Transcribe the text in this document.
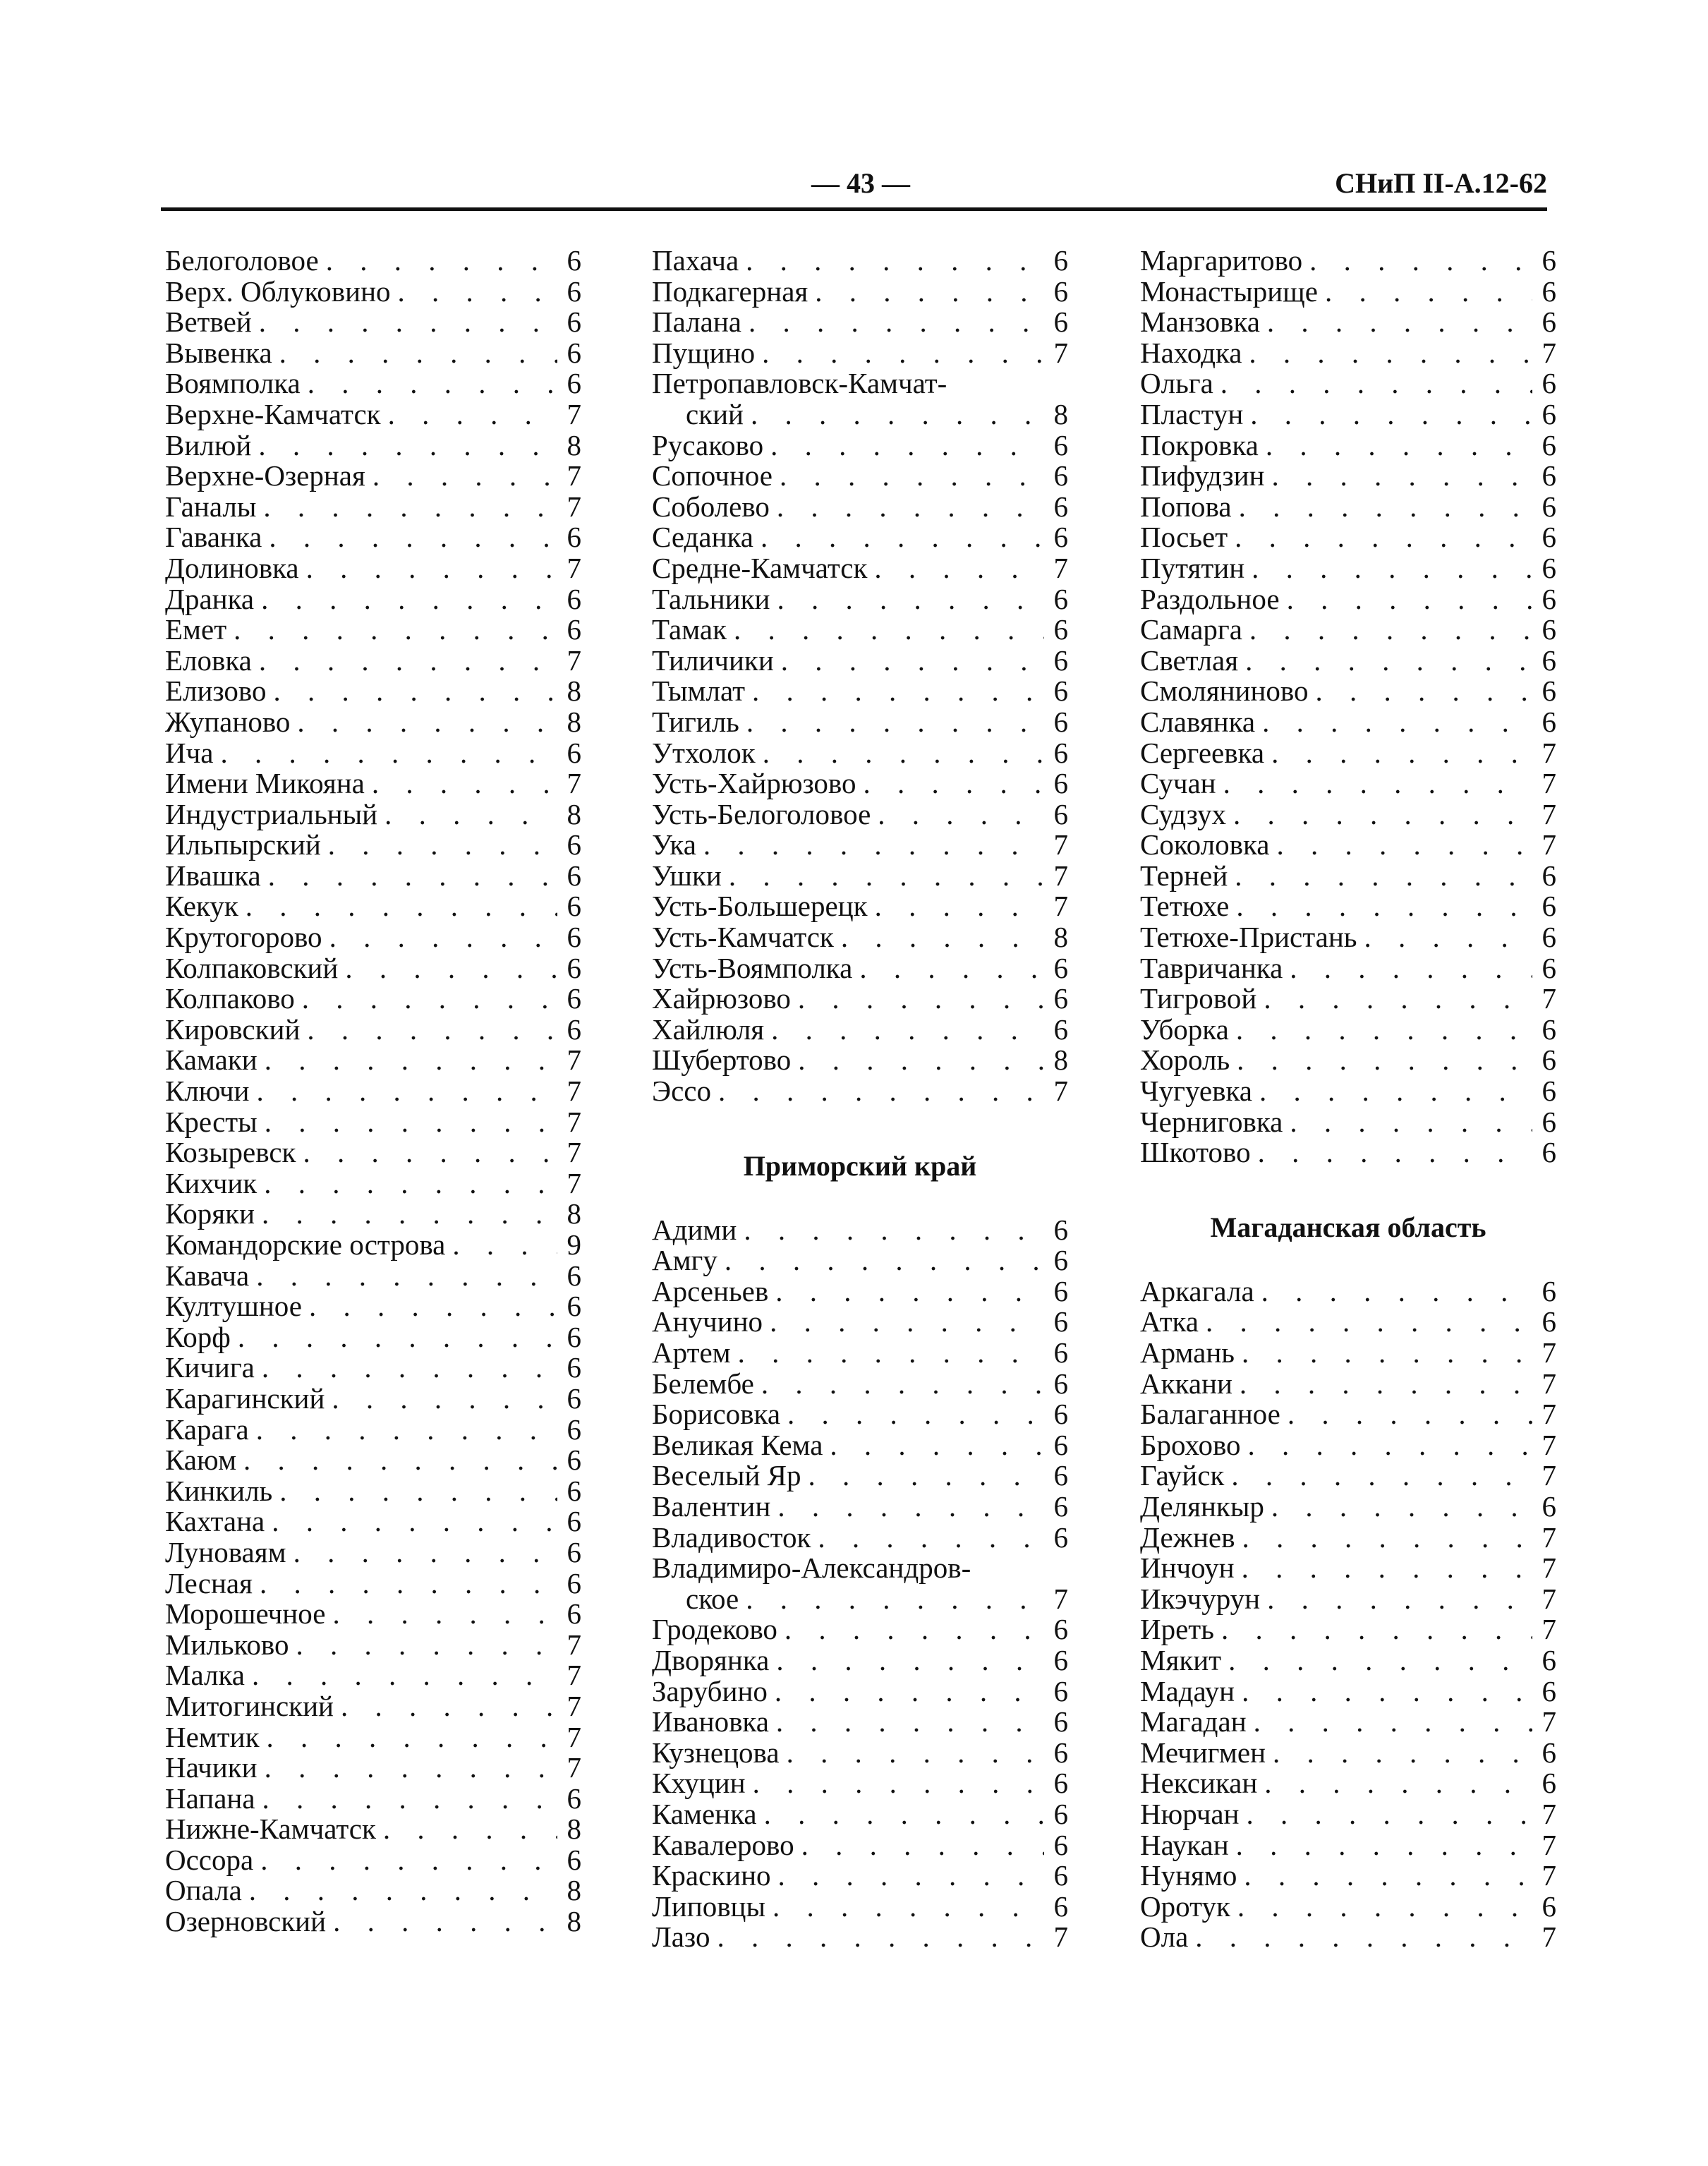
— 43 —	СНиП II-А.12-62
Белоголовое . . .	6
Верх. Облуковино . . .	6
Ветвей . . .	6
Вывенка . . .	6
Воямполка . . .	6
Верхне-Камчатск . . .	7
Вилюй . . .	8
Верхне-Озерная . . .	7
Ганалы . . .	7
Гаванка . . .	6
Долиновка . . .	7
Дранка . . .	6
Емет . . .	6
Еловка . . .	7
Елизово . . .	8
Жупаново . . .	8
Ича . . .	6
Имени Микояна . . .	7
Индустриальный . . .	8
Ильпырский . . .	6
Ивашка . . .	6
Кекук . . .	6
Крутогорово . . .	6
Колпаковский . . .	6
Колпаково . . .	6
Кировский . . .	6
Камаки . . .	7
Ключи . . .	7
Кресты . . .	7
Козыревск . . .	7
Кихчик . . .	7
Коряки . . .	8
Командорские острова . . .	9
Кавача . . .	6
Култушное . . .	6
Корф . . .	6
Кичига . . .	6
Карагинский . . .	6
Карага . . .	6
Каюм . . .	6
Кинкиль . . .	6
Кахтана . . .	6
Луноваям . . .	6
Лесная . . .	6
Морошечное . . .	6
Мильково . . .	7
Малка . . .	7
Митогинский . . .	7
Немтик . . .	7
Начики . . .	7
Напана . . .	6
Нижне-Камчатск . . .	8
Оссора . . .	6
Опала . . .	8
Озерновский . . .	8
Пахача . . .	6
Подкагерная . . .	6
Палана . . .	6
Пущино . . .	7
Петропавловск-Камчат-
ский . . .	8
Русаково . . .	6
Сопочное . . .	6
Соболево . . .	6
Седанка . . .	6
Средне-Камчатск . . .	7
Тальники . . .	6
Тамак . . .	6
Тиличики . . .	6
Тымлат . . .	6
Тигиль . . .	6
Утхолок . . .	6
Усть-Хайрюзово . . .	6
Усть-Белоголовое . . .	6
Ука . . .	7
Ушки . . .	7
Усть-Большерецк . . .	7
Усть-Камчатск . . .	8
Усть-Воямполка . . .	6
Хайрюзово . . .	6
Хайлюля . . .	6
Шубертово . . .	8
Эссо . . .	7
Приморский край
Адими . . .	6
Амгу . . .	6
Арсеньев . . .	6
Анучино . . .	6
Артем . . .	6
Белембе . . .	6
Борисовка . . .	6
Великая Кема . . .	6
Веселый Яр . . .	6
Валентин . . .	6
Владивосток . . .	6
Владимиро-Александров-
ское . . .	7
Гродеково . . .	6
Дворянка . . .	6
Зарубино . . .	6
Ивановка . . .	6
Кузнецова . . .	6
Кхуцин . . .	6
Каменка . . .	6
Кавалерово . . .	6
Краскино . . .	6
Липовцы . . .	6
Лазо . . .	7
Маргаритово . . .	6
Монастырище . . .	6
Манзовка . . .	6
Находка . . .	7
Ольга . . .	6
Пластун . . .	6
Покровка . . .	6
Пифудзин . . .	6
Попова . . .	6
Посьет . . .	6
Путятин . . .	6
Раздольное . . .	6
Самарга . . .	6
Светлая . . .	6
Смоляниново . . .	6
Славянка . . .	6
Сергеевка . . .	7
Сучан . . .	7
Судзух . . .	7
Соколовка . . .	7
Терней . . .	6
Тетюхе . . .	6
Тетюхе-Пристань . . .	6
Тавричанка . . .	6
Тигровой . . .	7
Уборка . . .	6
Хороль . . .	6
Чугуевка . . .	6
Черниговка . . .	6
Шкотово . . .	6
Магаданская область
Аркагала . . .	6
Атка . . .	6
Армань . . .	7
Аккани . . .	7
Балаганное . . .	7
Брохово . . .	7
Гауйск . . .	7
Делянкыр . . .	6
Дежнев . . .	7
Инчоун . . .	7
Икэчурун . . .	7
Иреть . . .	7
Мякит . . .	6
Мадаун . . .	6
Магадан . . .	7
Мечигмен . . .	6
Нексикан . . .	6
Нюрчан . . .	7
Наукан . . .	7
Нунямо . . .	7
Оротук . . .	6
Ола . . .	7
